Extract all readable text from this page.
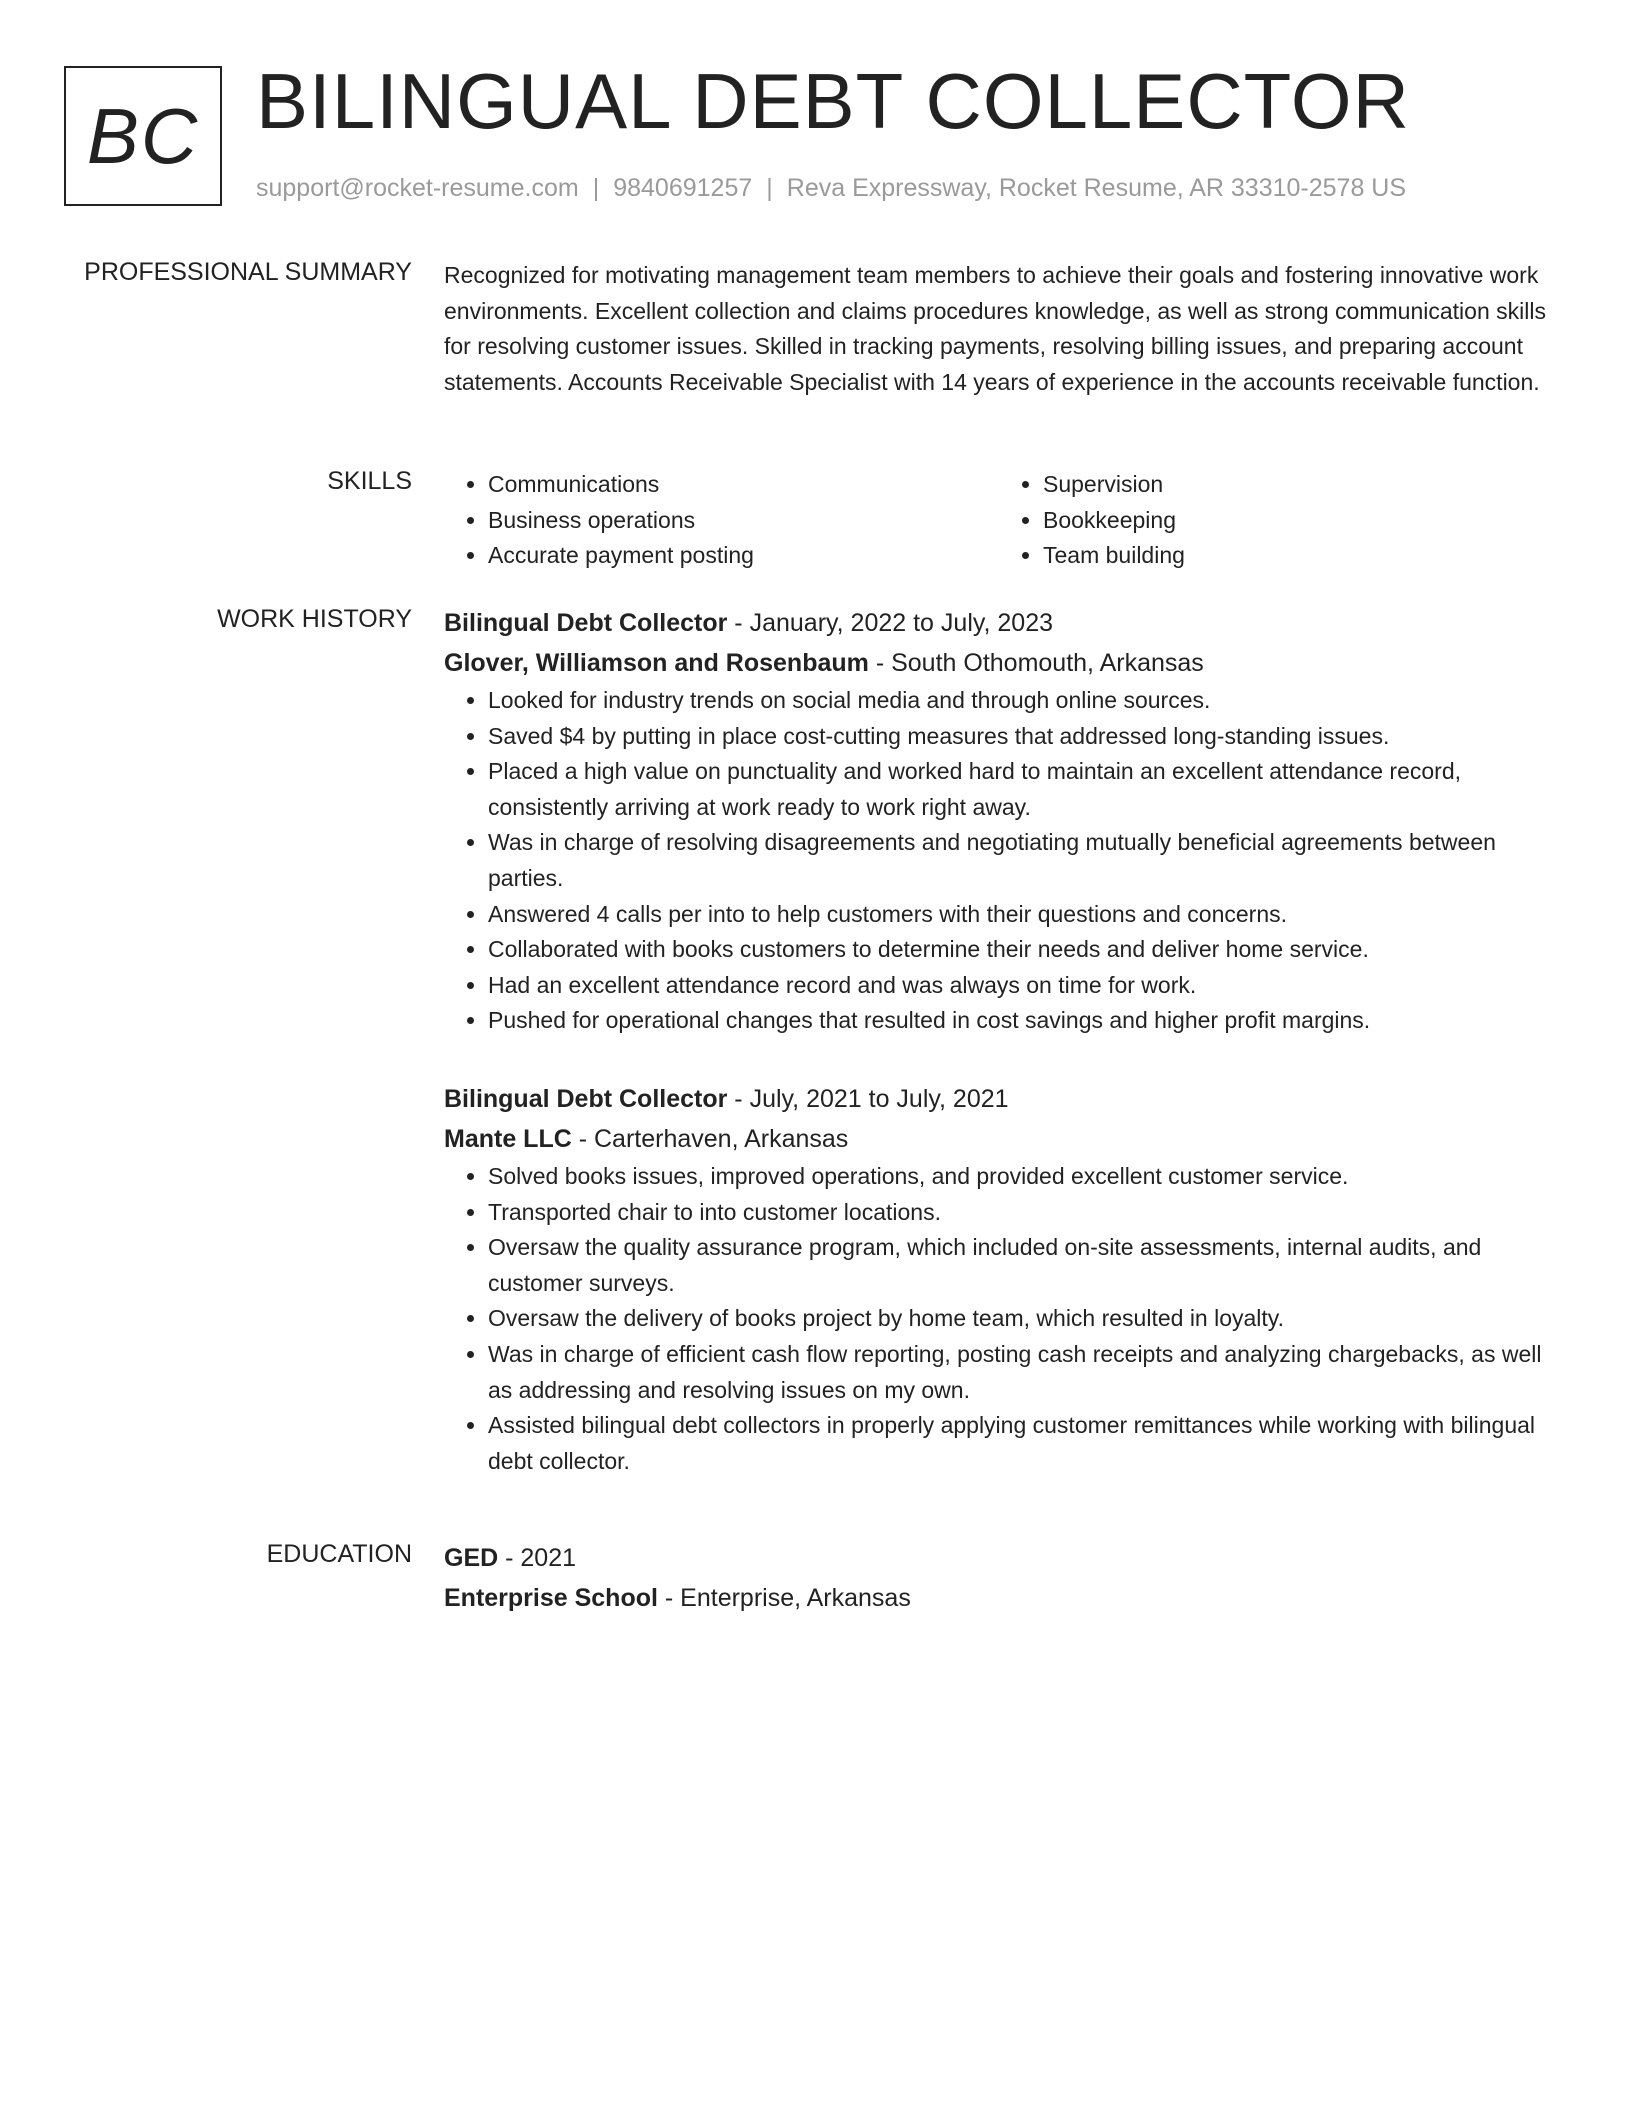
BC BILINGUAL DEBT COLLECTOR
support@rocket-resume.com | 9840691257 | Reva Expressway, Rocket Resume, AR 33310-2578 US
PROFESSIONAL SUMMARY Recognized for motivating management team members to achieve their goals and fostering innovative work environments. Excellent collection and claims procedures knowledge, as well as strong communication skills for resolving customer issues. Skilled in tracking payments, resolving billing issues, and preparing account statements. Accounts Receivable Specialist with 14 years of experience in the accounts receivable function.

SKILLS
•	Communications
• Business operations
• Accurate payment posting
• Supervision
• Bookkeeping
• Team building
WORK HISTORY Bilingual Debt Collector - January, 2022 to July, 2023
Glover, Williamson and Rosenbaum - South Othomouth, Arkansas
• Looked for industry trends on social media and through online sources.
• Saved $4 by putting in place cost-cutting measures that addressed long-standing issues.
• Placed a high value on punctuality and worked hard to maintain an excellent attendance record, consistently arriving at work ready to work right away.
• Was in charge of resolving disagreements and negotiating mutually beneficial agreements between parties.
• Answered 4 calls per into to help customers with their questions and concerns.
• Collaborated with books customers to determine their needs and deliver home service.
• Had an excellent attendance record and was always on time for work.
• Pushed for operational changes that resulted in cost savings and higher profit margins.
Bilingual Debt Collector - July, 2021 to July, 2021
Mante LLC - Carterhaven, Arkansas
• Solved books issues, improved operations, and provided excellent customer service.
• Transported chair to into customer locations.
• Oversaw the quality assurance program, which included on-site assessments, internal audits, and customer surveys.
• Oversaw the delivery of books project by home team, which resulted in loyalty.
• Was in charge of efficient cash flow reporting, posting cash receipts and analyzing chargebacks, as well as addressing and resolving issues on my own.
• Assisted bilingual debt collectors in properly applying customer remittances while working with bilingual debt collector.
EDUCATION GED - 2021
Enterprise School - Enterprise, Arkansas
